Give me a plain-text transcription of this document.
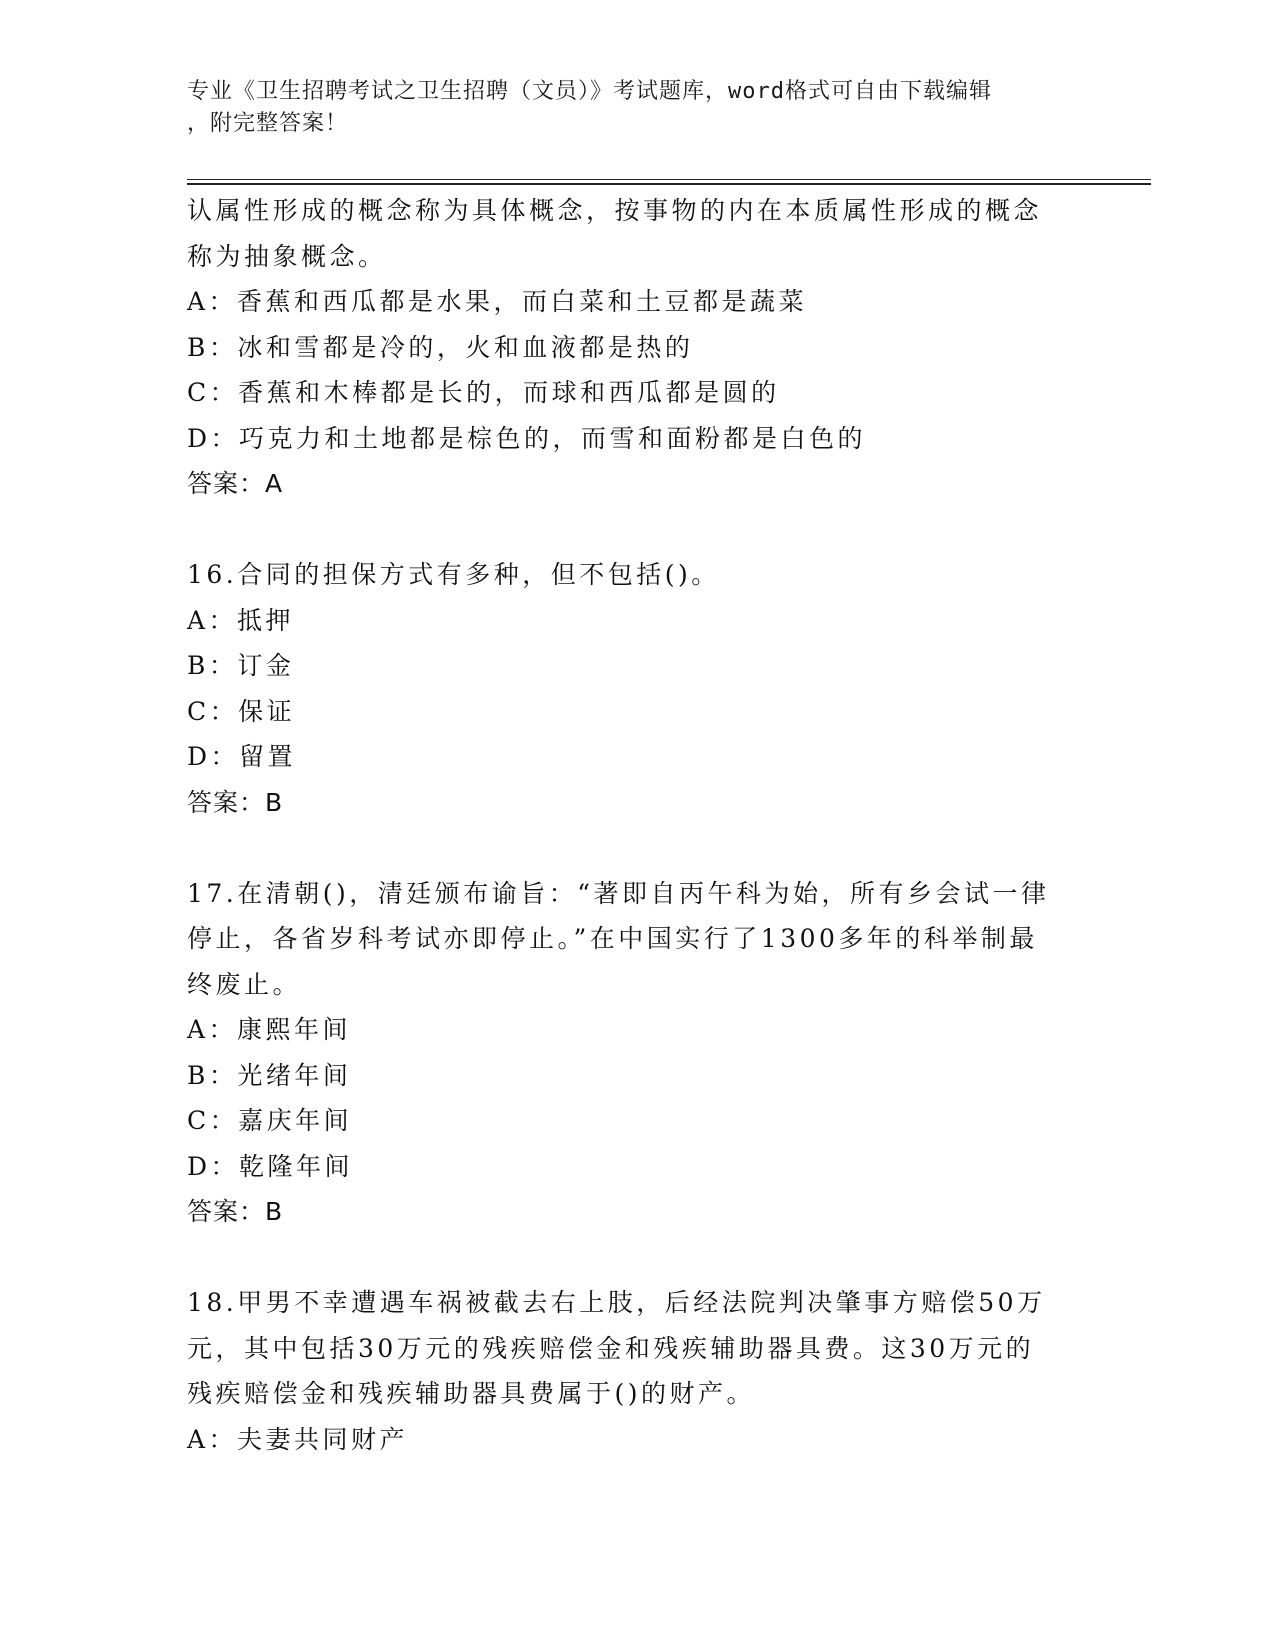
专业《卫生招聘考试之卫生招聘（文员）》考试题库，word格式可自由下载编辑
，附完整答案！
认属性形成的概念称为具体概念，按事物的内在本质属性形成的概念
称为抽象概念。
A：香蕉和西瓜都是水果，而白菜和土豆都是蔬菜
B：冰和雪都是冷的，火和血液都是热的
C：香蕉和木棒都是长的，而球和西瓜都是圆的
D：巧克力和土地都是棕色的，而雪和面粉都是白色的
答案：A
16.合同的担保方式有多种，但不包括()。
A：抵押
B：订金
C：保证
D：留置
答案：B
17.在清朝()，清廷颁布谕旨：“著即自丙午科为始，所有乡会试一律
停止，各省岁科考试亦即停止。”在中国实行了1300多年的科举制最
终废止。
A：康熙年间
B：光绪年间
C：嘉庆年间
D：乾隆年间
答案：B
18.甲男不幸遭遇车祸被截去右上肢，后经法院判决肇事方赔偿50万
元，其中包括30万元的残疾赔偿金和残疾辅助器具费。这30万元的
残疾赔偿金和残疾辅助器具费属于()的财产。
A：夫妻共同财产
